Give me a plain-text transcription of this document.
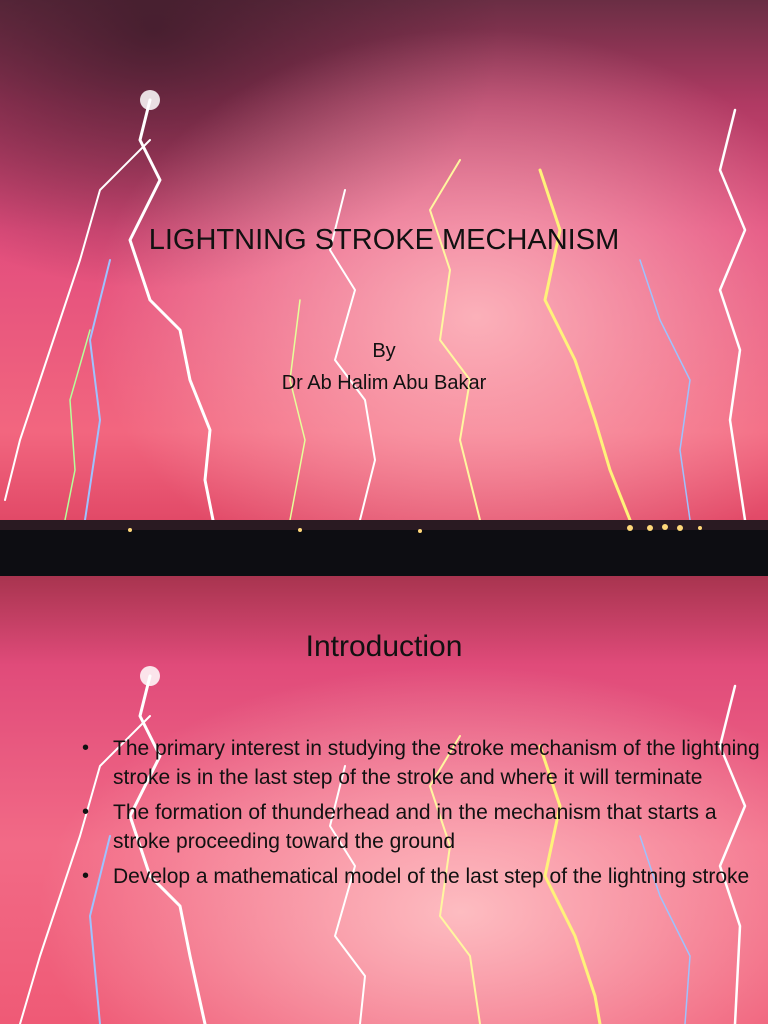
LIGHTNING STROKE MECHANISM
By
Dr Ab Halim Abu Bakar
Introduction
• The primary interest in studying the stroke mechanism of the lightning stroke is in the last step of the stroke and where it will terminate
• The formation of thunderhead and in the mechanism that starts a stroke proceeding toward the ground
• Develop a mathematical model of the last step of the lightning stroke
